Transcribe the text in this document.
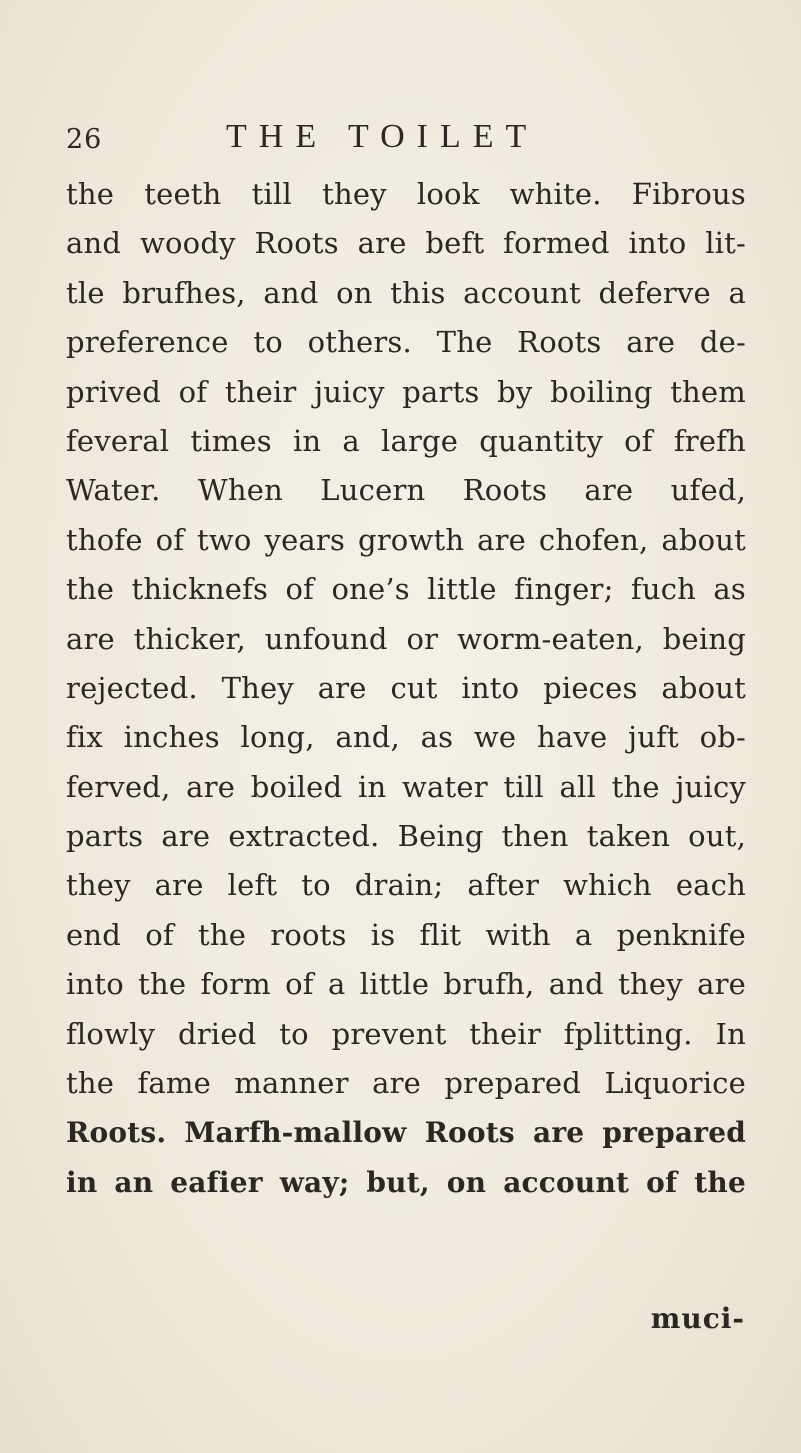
26	THE TOILET
the teeth till they look white. Fibrous
and woody Roots are beft formed into lit-
tle brufhes, and on this account deferve a
preference to others. The Roots are de-
prived of their juicy parts by boiling them
feveral times in a large quantity of frefh
Water. When Lucern Roots are ufed,
thofe of two years growth are chofen, about
the thicknefs of one’s little finger; fuch as
are thicker, unfound or worm-eaten, being
rejected. They are cut into pieces about
fix inches long, and, as we have juft ob-
ferved, are boiled in water till all the juicy
parts are extracted. Being then taken out,
they are left to drain; after which each
end of the roots is flit with a penknife
into the form of a little brufh, and they are
flowly dried to prevent their fplitting. In
the fame manner are prepared Liquorice
Roots. Marfh-mallow Roots are prepared
in an eafier way; but, on account of the
muci-
